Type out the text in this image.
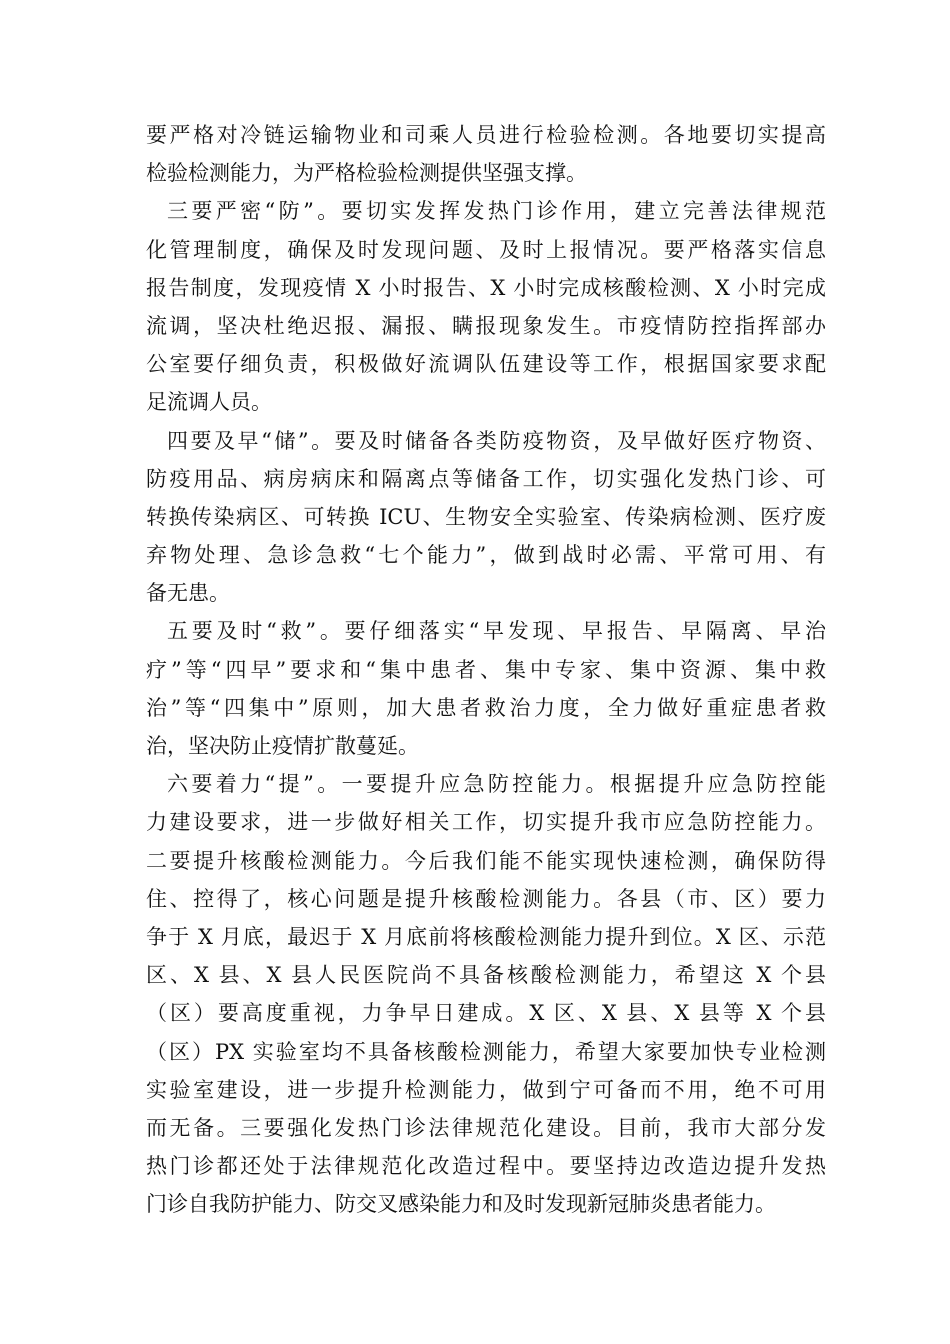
要严格对冷链运输物业和司乘人员进行检验检测。各地要切实提高
检验检测能力，为严格检验检测提供坚强支撑。
三要严密“防”。要切实发挥发热门诊作用，建立完善法律规范
化管理制度，确保及时发现问题、及时上报情况。要严格落实信息
报告制度，发现疫情 X 小时报告、X 小时完成核酸检测、X 小时完成
流调，坚决杜绝迟报、漏报、瞒报现象发生。市疫情防控指挥部办
公室要仔细负责，积极做好流调队伍建设等工作，根据国家要求配
足流调人员。
四要及早“储”。要及时储备各类防疫物资，及早做好医疗物资、
防疫用品、病房病床和隔离点等储备工作，切实强化发热门诊、可
转换传染病区、可转换 ICU、生物安全实验室、传染病检测、医疗废
弃物处理、急诊急救“七个能力”，做到战时必需、平常可用、有
备无患。
五要及时“救”。要仔细落实“早发现、早报告、早隔离、早治
疗”等“四早”要求和“集中患者、集中专家、集中资源、集中救
治”等“四集中”原则，加大患者救治力度，全力做好重症患者救
治，坚决防止疫情扩散蔓延。
六要着力“提”。一要提升应急防控能力。根据提升应急防控能
力建设要求，进一步做好相关工作，切实提升我市应急防控能力。
二要提升核酸检测能力。今后我们能不能实现快速检测，确保防得
住、控得了，核心问题是提升核酸检测能力。各县（市、区）要力
争于 X 月底，最迟于 X 月底前将核酸检测能力提升到位。X 区、示范
区、X 县、X 县人民医院尚不具备核酸检测能力，希望这 X 个县
（区）要高度重视，力争早日建成。X 区、X 县、X 县等 X 个县
（区）PX 实验室均不具备核酸检测能力，希望大家要加快专业检测
实验室建设，进一步提升检测能力，做到宁可备而不用，绝不可用
而无备。三要强化发热门诊法律规范化建设。目前，我市大部分发
热门诊都还处于法律规范化改造过程中。要坚持边改造边提升发热
门诊自我防护能力、防交叉感染能力和及时发现新冠肺炎患者能力。
